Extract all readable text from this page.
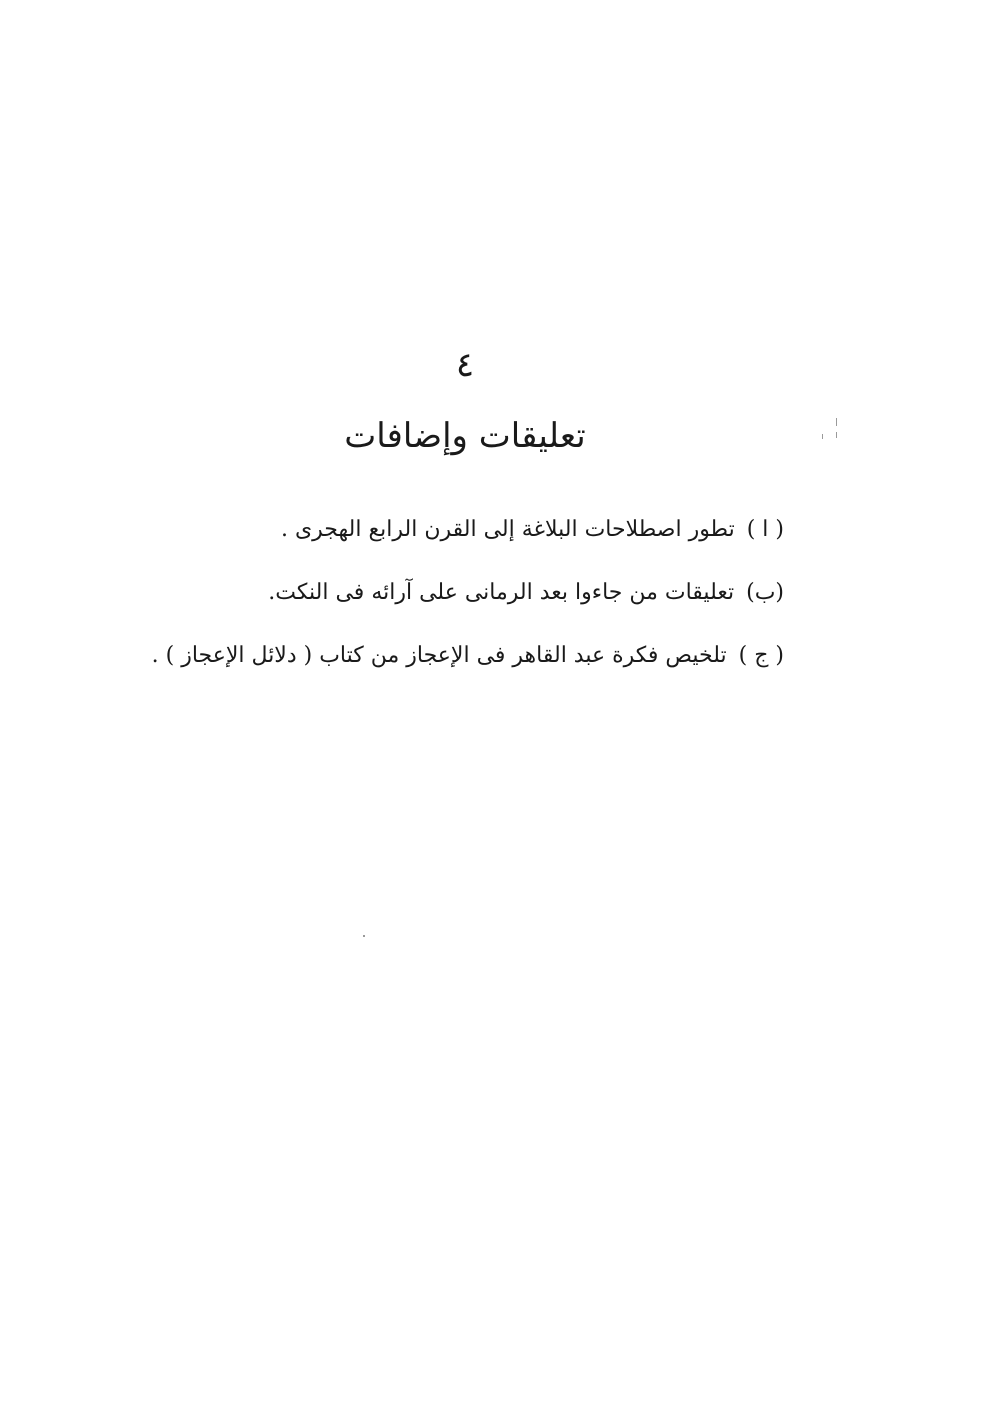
٤
تعليقات وإضافات
( ا )تطور اصطلاحات البلاغة إلى القرن الرابع الهجرى .
(ب)تعليقات من جاءوا بعد الرمانى على آرائه فى النكت.
( ج )تلخيص فكرة عبد القاهر فى الإعجاز من كتاب ( دلائل الإعجاز ) .
